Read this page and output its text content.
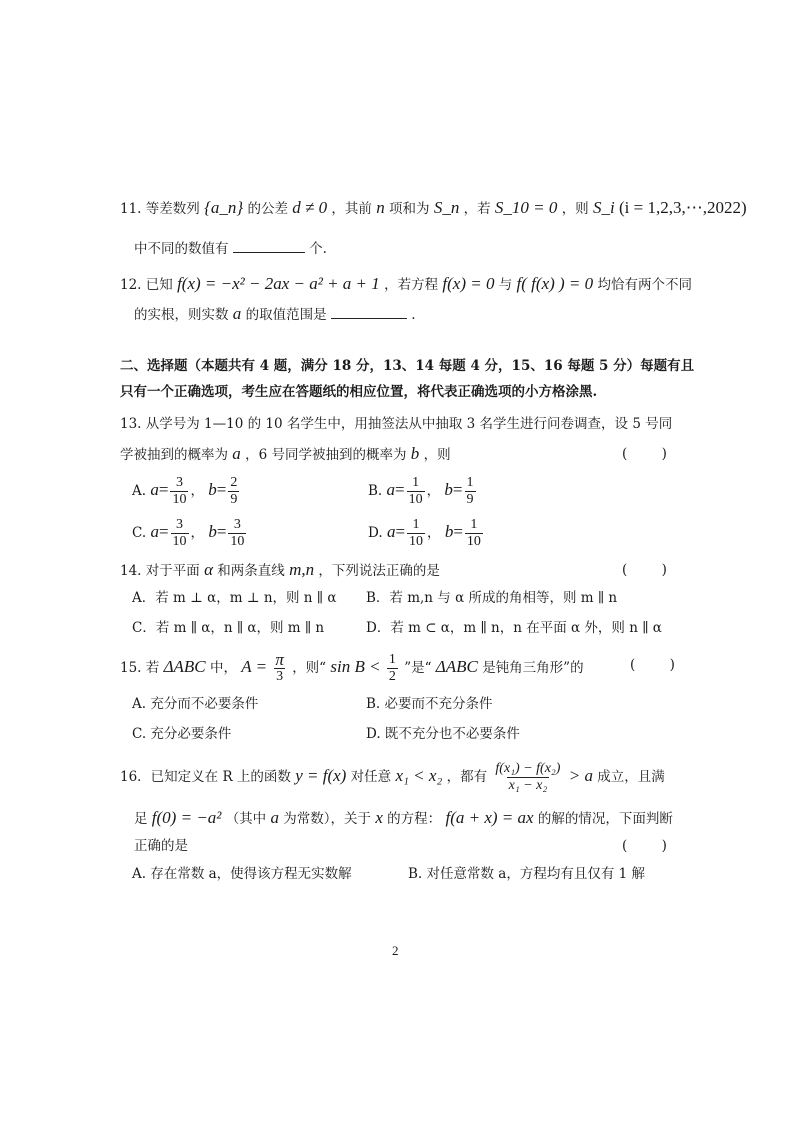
11. 等差数列 {a_n} 的公差 d ≠ 0 ，其前 n 项和为 S_n ，若 S_10 = 0 ，则 S_i (i = 1,2,3,⋯,2022)
中不同的数值有	个.
12. 已知 f(x) = −x² − 2ax − a² + a + 1 ，若方程 f(x) = 0 与 f( f(x) ) = 0 均恰有两个不同
的实根，则实数 a 的取值范围是	.
二、选择题（本题共有 4 题，满分 18 分，13、14 每题 4 分，15、16 每题 5 分）每题有且
只有一个正确选项，考生应在答题纸的相应位置，将代表正确选项的小方格涂黑.
13. 从学号为 1—10 的 10 名学生中，用抽签法从中抽取 3 名学生进行问卷调查，设 5 号同
学被抽到的概率为 a ，6 号同学被抽到的概率为 b ，则	(        )
A. $a= \frac{3}{10}$ ， $b= \frac{2}{9}$	B. $a= \frac{1}{10}$ ， $b= \frac{1}{9}$
C. $a= \frac{3}{10}$ ， $b= \frac{3}{10}$	D. $a= \frac{1}{10}$ ， $b= \frac{1}{10}$
14. 对于平面 α 和两条直线 m,n ，下列说法正确的是	(        )
A．若 m ⊥ α，m ⊥ n，则 n ∥ α B．若 m,n 与 α 所成的角相等，则 m ∥ n
C．若 m ∥ α，n ∥ α，则 m ∥ n	D．若 m ⊂ α，m ∥ n，n 在平面 α 外，则 n ∥ α
15. 若 ΔABC 中， $A = \frac{\pi}{3}$ ，则“ $\sin B < \frac{1}{2}$ ”是“ ΔABC 是钝角三角形”的	(        )
A. 充分而不必要条件	B. 必要而不充分条件
C. 充分必要条件	D. 既不充分也不必要条件
16．已知定义在 R 上的函数 y = f(x) 对任意 x₁ < x₂ ，都有 $\frac{\text{f(x₁) − f(x₂)}}{\text{x₁ − x₂}} > a$ 成立，且满
足 f(0) = −a² （其中 a 为常数），关于 x 的方程： f(a + x) = ax 的解的情况，下面判断
正确的是	(        )
A. 存在常数 a，使得该方程无实数解	B. 对任意常数 a，方程均有且仅有 1 解
2
